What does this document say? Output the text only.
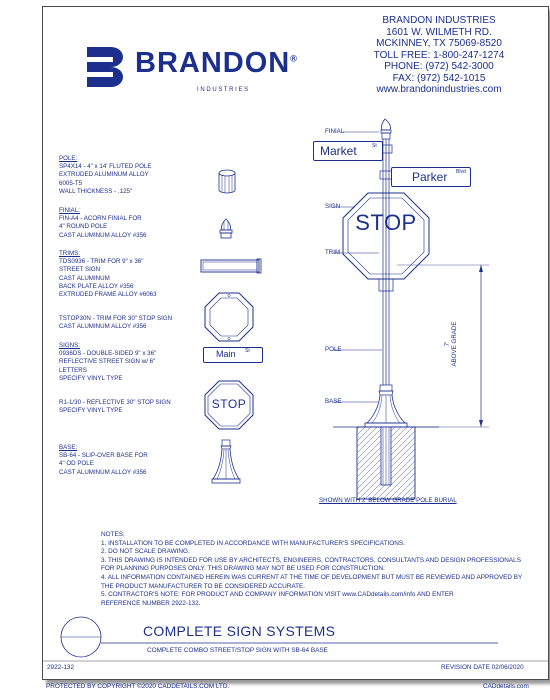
BRANDON®
I N D U S T R I E S
BRANDON INDUSTRIES
1601 W. WILMETH RD.
MCKINNEY, TX 75069-8520
TOLL FREE: 1-800-247-1274
PHONE: (972) 542-3000
FAX: (972) 542-1015
www.brandonindustries.com
POLE:
SP4X14 - 4" x 14' FLUTED POLE
EXTRUDED ALUMINUM ALLOY
6005-T5
WALL THICKNESS - .125"
FINIAL:
FIN-A4 - ACORN FINIAL FOR
4" ROUND POLE
CAST ALUMINUM ALLOY #356
TRIMS:
TDS0936 - TRIM FOR 9" x 36"
STREET SIGN
CAST ALUMINUM
BACK PLATE ALLOY #356
EXTRUDED FRAME ALLOY #6063
TSTOP30N - TRIM FOR 30" STOP SIGN
CAST ALUMINUM ALLOY #356
SIGNS:
0936DS - DOUBLE-SIDED 9" x 36"
REFLECTIVE STREET SIGN w/ 6"
LETTERS
SPECIFY VINYL TYPE
R1-1/30 - REFLECTIVE 30" STOP SIGN
SPECIFY VINYL TYPE
BASE:
SB-64 - SLIP-OVER BASE FOR
4" OD POLE
CAST ALUMINUM ALLOY #356
Main St
STOP
Market	St
Parker Blvd
STOP
FINIAL
SIGN
TRIM
POLE
BASE
7'
ABOVE GRADE
SHOWN WITH 2' BELOW GRADE POLE BURIAL
NOTES:
1. INSTALLATION TO BE COMPLETED IN ACCORDANCE WITH MANUFACTURER'S SPECIFICATIONS.
2. DO NOT SCALE DRAWING.
3. THIS DRAWING IS INTENDED FOR USE BY ARCHITECTS, ENGINEERS, CONTRACTORS, CONSULTANTS AND DESIGN PROFESSIONALS
FOR PLANNING PURPOSES ONLY. THIS DRAWING MAY NOT BE USED FOR CONSTRUCTION.
4. ALL INFORMATION CONTAINED HEREIN WAS CURRENT AT THE TIME OF DEVELOPMENT BUT MUST BE REVIEWED AND APPROVED BY
THE PRODUCT MANUFACTURER TO BE CONSIDERED ACCURATE.
5. CONTRACTOR'S NOTE: FOR PRODUCT AND COMPANY INFORMATION VISIT www.CADdetails.com/info AND ENTER
REFERENCE NUMBER 2922-132.
COMPLETE SIGN SYSTEMS
COMPLETE COMBO STREET/STOP SIGN WITH SB-64 BASE
2922-132	REVISION DATE 02/06/2020
PROTECTED BY COPYRIGHT ©2020 CADDETAILS.COM LTD.	CADdetails.com
